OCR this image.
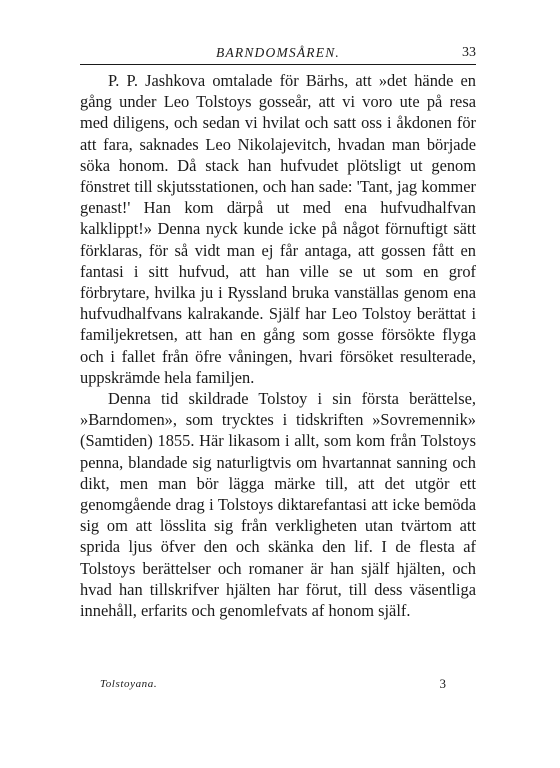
BARNDOMSÅREN.	33

P. P. Jashkova omtalade för Bärhs, att »det hände en gång under Leo Tolstoys gosseår, att vi voro ute på resa med diligens, och sedan vi hvilat och satt oss i åkdonen för att fara, saknades Leo Nikolajevitch, hvadan man började söka honom. Då stack han hufvudet plötsligt ut genom fönstret till skjutsstationen, och han sade: 'Tant, jag kommer genast!' Han kom därpå ut med ena hufvudhalfvan kalklippt!» Denna nyck kunde icke på något förnuftigt sätt förklaras, för så vidt man ej får antaga, att gossen fått en fantasi i sitt hufvud, att han ville se ut som en grof förbrytare, hvilka ju i Ryssland bruka vanställas genom ena hufvudhalfvans kalrakande. Själf har Leo Tolstoy berättat i familjekretsen, att han en gång som gosse försökte flyga och i fallet från öfre våningen, hvari försöket resulterade, uppskrämde hela familjen.

Denna tid skildrade Tolstoy i sin första berättelse, »Barndomen», som trycktes i tidskriften »Sovremennik» (Samtiden) 1855. Här likasom i allt, som kom från Tolstoys penna, blandade sig naturligtvis om hvartannat sanning och dikt, men man bör lägga märke till, att det utgör ett genomgående drag i Tolstoys diktarefantasi att icke bemöda sig om att lösslita sig från verkligheten utan tvärtom att sprida ljus öfver den och skänka den lif. I de flesta af Tolstoys berättelser och romaner är han själf hjälten, och hvad han tillskrifver hjälten har förut, till dess väsentliga innehåll, erfarits och genomlefvats af honom själf.

Tolstoyana.	3
